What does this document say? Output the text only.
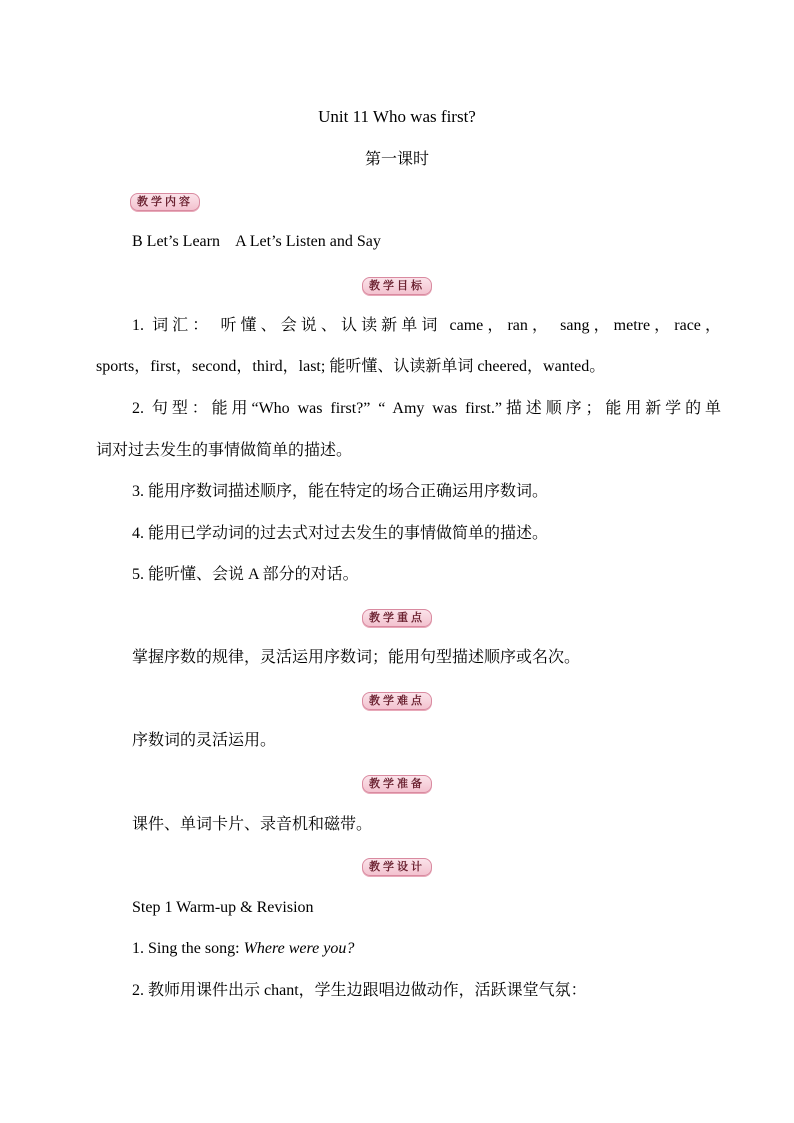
Unit 11 Who was first?
第一课时
教学内容
B Let’s Learn    A Let’s Listen and Say
教学目标
1. 词汇： 听懂、会说、认读新单词 came，ran， sang，metre，race，
sports，first，second，third，last; 能听懂、认读新单词 cheered，wanted。
2. 句型：能用“Who was first?” “ Amy was first.”描述顺序；能用新学的单
词对过去发生的事情做简单的描述。
3. 能用序数词描述顺序，能在特定的场合正确运用序数词。
4. 能用已学动词的过去式对过去发生的事情做简单的描述。
5. 能听懂、会说 A 部分的对话。
教学重点
掌握序数的规律，灵活运用序数词；能用句型描述顺序或名次。
教学难点
序数词的灵活运用。
教学准备
课件、单词卡片、录音机和磁带。
教学设计
Step 1 Warm-up & Revision
1. Sing the song: Where were you?
2. 教师用课件出示 chant，学生边跟唱边做动作，活跃课堂气氛：
